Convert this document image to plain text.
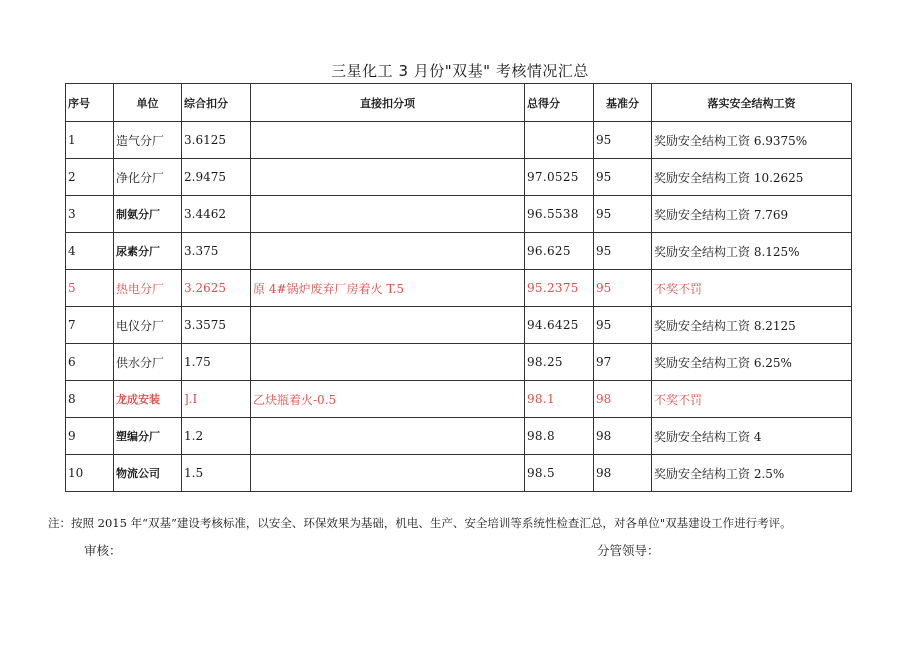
三星化工 3 月份"双基" 考核情况汇总
序号	单位	综合扣分	直接扣分项	总得分	基准分	落实安全结构工资
1	造气分厂	3.6125			95	奖励安全结构工资 6.9375%
2	净化分厂	2.9475		97.0525	95	奖励安全结构工资 10.2625
3	制氨分厂	3.4462		96.5538	95	奖励安全结构工资 7.769
4	尿素分厂	3.375		96.625	95	奖励安全结构工资 8.125%
5	热电分厂	3.2625	原 4#锅炉废弃厂房着火 T.5	95.2375	95	不奖不罚
7	电仪分厂	3.3575		94.6425	95	奖励安全结构工资 8.2125
6	供水分厂	1.75		98.25	97	奖励安全结构工资 6.25%
8	龙成安装	].I	乙炔瓶着火-0.5	98.1	98	不奖不罚
9	塑编分厂	1.2		98.8	98	奖励安全结构工资 4
10	物流公司	1.5		98.5	98	奖励安全结构工资 2.5%
注：按照 2015 年“双基”建设考核标准，以安全、环保效果为基础，机电、生产、安全培训等系统性检查汇总，对各单位"双基建设工作进行考评。
审核：	分管领导：
